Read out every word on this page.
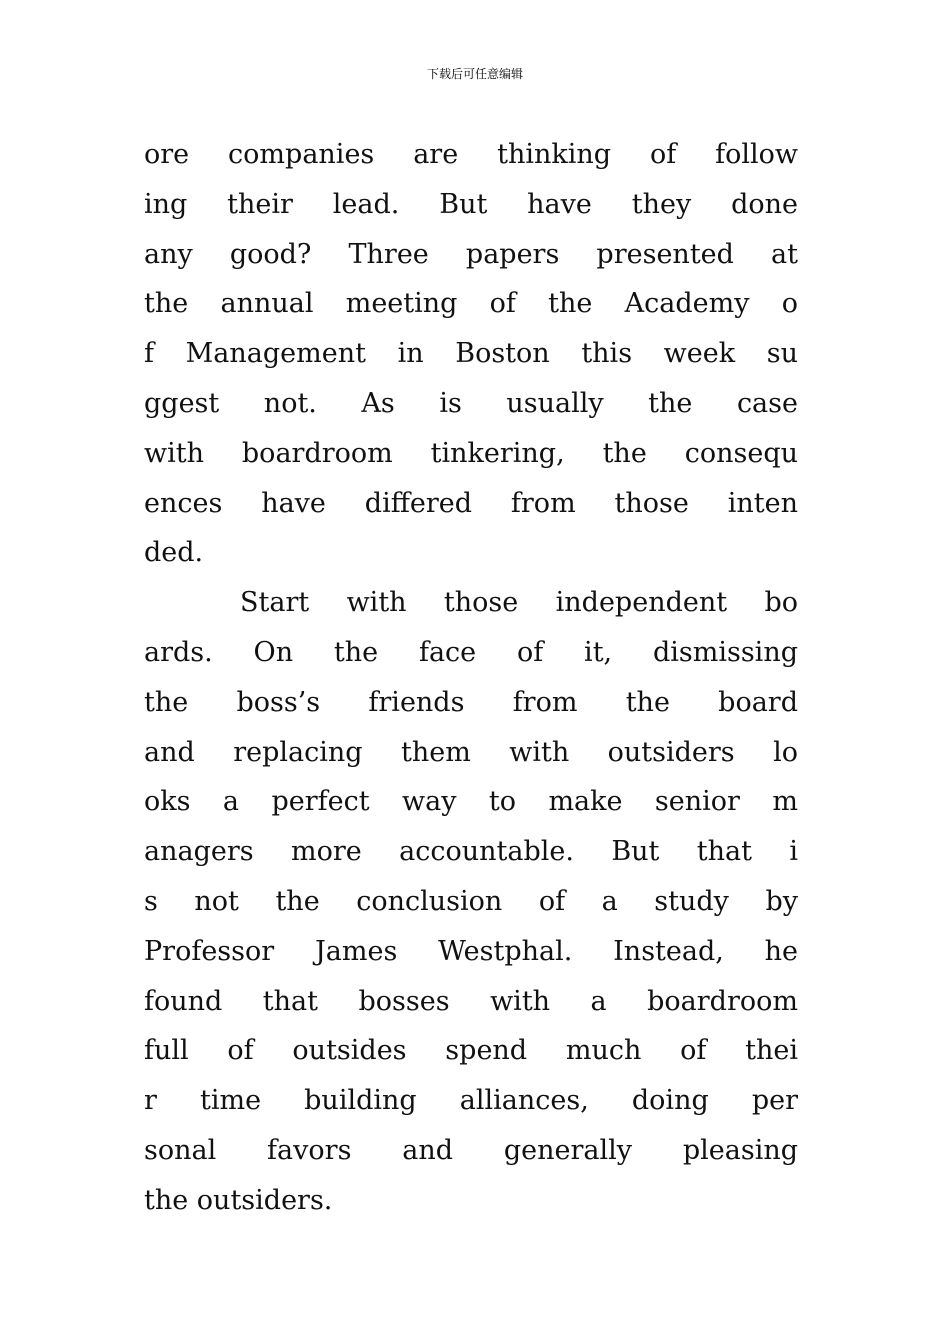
下载后可任意编辑
ore companies are thinking of follow
ing their lead. But have they done
any good? Three papers presented at
the annual meeting of the Academy o
f Management in Boston this week su
ggest not. As is usually the case
with boardroom tinkering, the consequ
ences have differed from those inten
ded.
Start with those independent bo
ards. On the face of it, dismissing
the boss’s friends from the board
and replacing them with outsiders lo
oks a perfect way to make senior m
anagers more accountable. But that i
s not the conclusion of a study by
Professor James Westphal. Instead, he
found that bosses with a boardroom
full of outsides spend much of thei
r time building alliances, doing per
sonal favors and generally pleasing
the outsiders.
